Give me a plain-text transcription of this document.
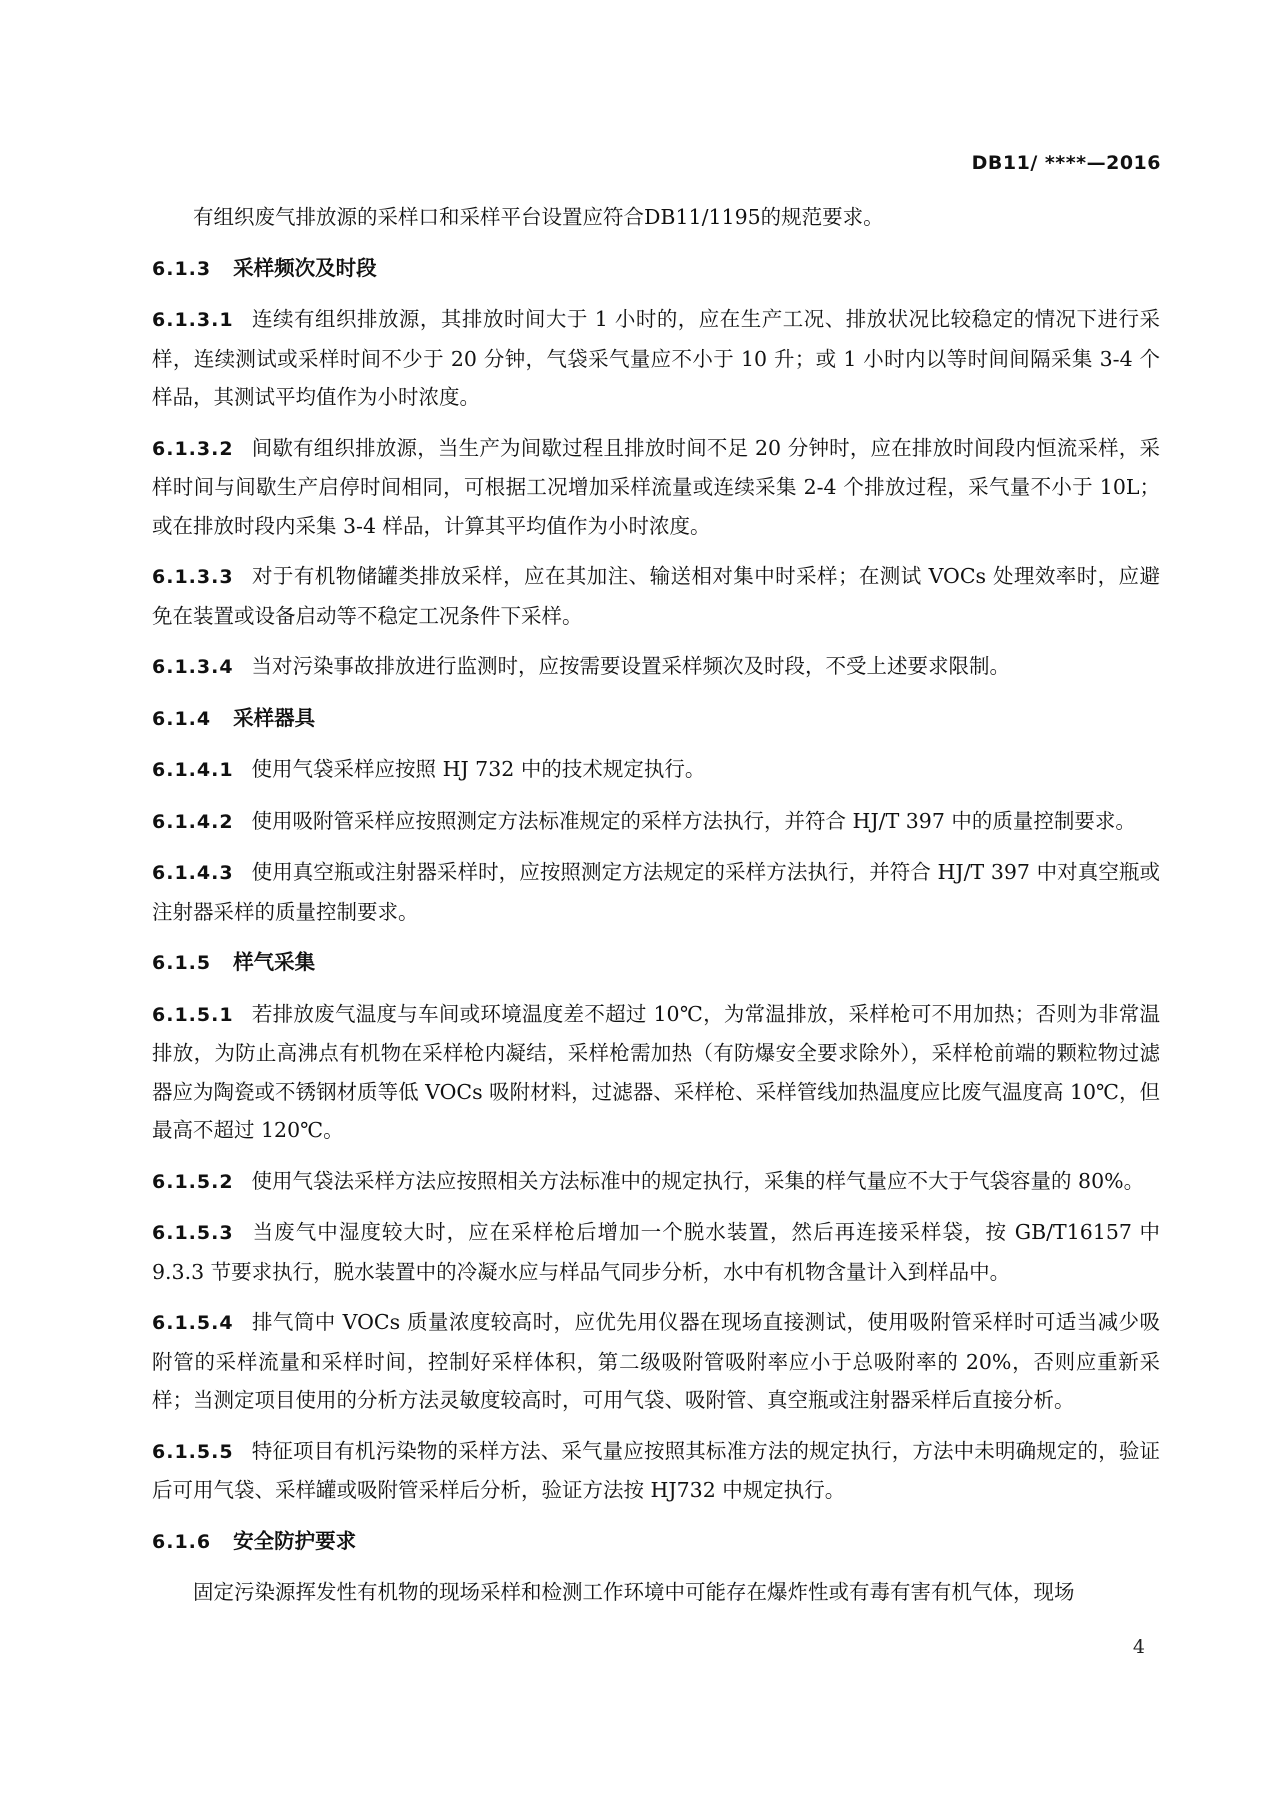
DB11/ ****—2016

有组织废气排放源的采样口和采样平台设置应符合DB11/1195的规范要求。

6.1.3 采样频次及时段

6.1.3.1 连续有组织排放源，其排放时间大于 1 小时的，应在生产工况、排放状况比较稳定的情况下进行采样，连续测试或采样时间不少于 20 分钟，气袋采气量应不小于 10 升；或 1 小时内以等时间间隔采集 3-4 个样品，其测试平均值作为小时浓度。

6.1.3.2 间歇有组织排放源，当生产为间歇过程且排放时间不足 20 分钟时，应在排放时间段内恒流采样，采样时间与间歇生产启停时间相同，可根据工况增加采样流量或连续采集 2-4 个排放过程，采气量不小于 10L；或在排放时段内采集 3-4 样品，计算其平均值作为小时浓度。

6.1.3.3 对于有机物储罐类排放采样，应在其加注、输送相对集中时采样；在测试 VOCs 处理效率时，应避免在装置或设备启动等不稳定工况条件下采样。

6.1.3.4 当对污染事故排放进行监测时，应按需要设置采样频次及时段，不受上述要求限制。

6.1.4 采样器具

6.1.4.1 使用气袋采样应按照 HJ 732 中的技术规定执行。

6.1.4.2 使用吸附管采样应按照测定方法标准规定的采样方法执行，并符合 HJ/T 397 中的质量控制要求。

6.1.4.3 使用真空瓶或注射器采样时，应按照测定方法规定的采样方法执行，并符合 HJ/T 397 中对真空瓶或注射器采样的质量控制要求。

6.1.5 样气采集

6.1.5.1 若排放废气温度与车间或环境温度差不超过 10℃，为常温排放，采样枪可不用加热；否则为非常温排放，为防止高沸点有机物在采样枪内凝结，采样枪需加热（有防爆安全要求除外），采样枪前端的颗粒物过滤器应为陶瓷或不锈钢材质等低 VOCs 吸附材料，过滤器、采样枪、采样管线加热温度应比废气温度高 10℃，但最高不超过 120℃。

6.1.5.2 使用气袋法采样方法应按照相关方法标准中的规定执行，采集的样气量应不大于气袋容量的 80%。

6.1.5.3 当废气中湿度较大时，应在采样枪后增加一个脱水装置，然后再连接采样袋，按 GB/T16157 中 9.3.3 节要求执行，脱水装置中的冷凝水应与样品气同步分析，水中有机物含量计入到样品中。

6.1.5.4 排气筒中 VOCs 质量浓度较高时，应优先用仪器在现场直接测试，使用吸附管采样时可适当减少吸附管的采样流量和采样时间，控制好采样体积，第二级吸附管吸附率应小于总吸附率的 20%，否则应重新采样；当测定项目使用的分析方法灵敏度较高时，可用气袋、吸附管、真空瓶或注射器采样后直接分析。

6.1.5.5 特征项目有机污染物的采样方法、采气量应按照其标准方法的规定执行，方法中未明确规定的，验证后可用气袋、采样罐或吸附管采样后分析，验证方法按 HJ732 中规定执行。

6.1.6 安全防护要求

固定污染源挥发性有机物的现场采样和检测工作环境中可能存在爆炸性或有毒有害有机气体，现场

4
